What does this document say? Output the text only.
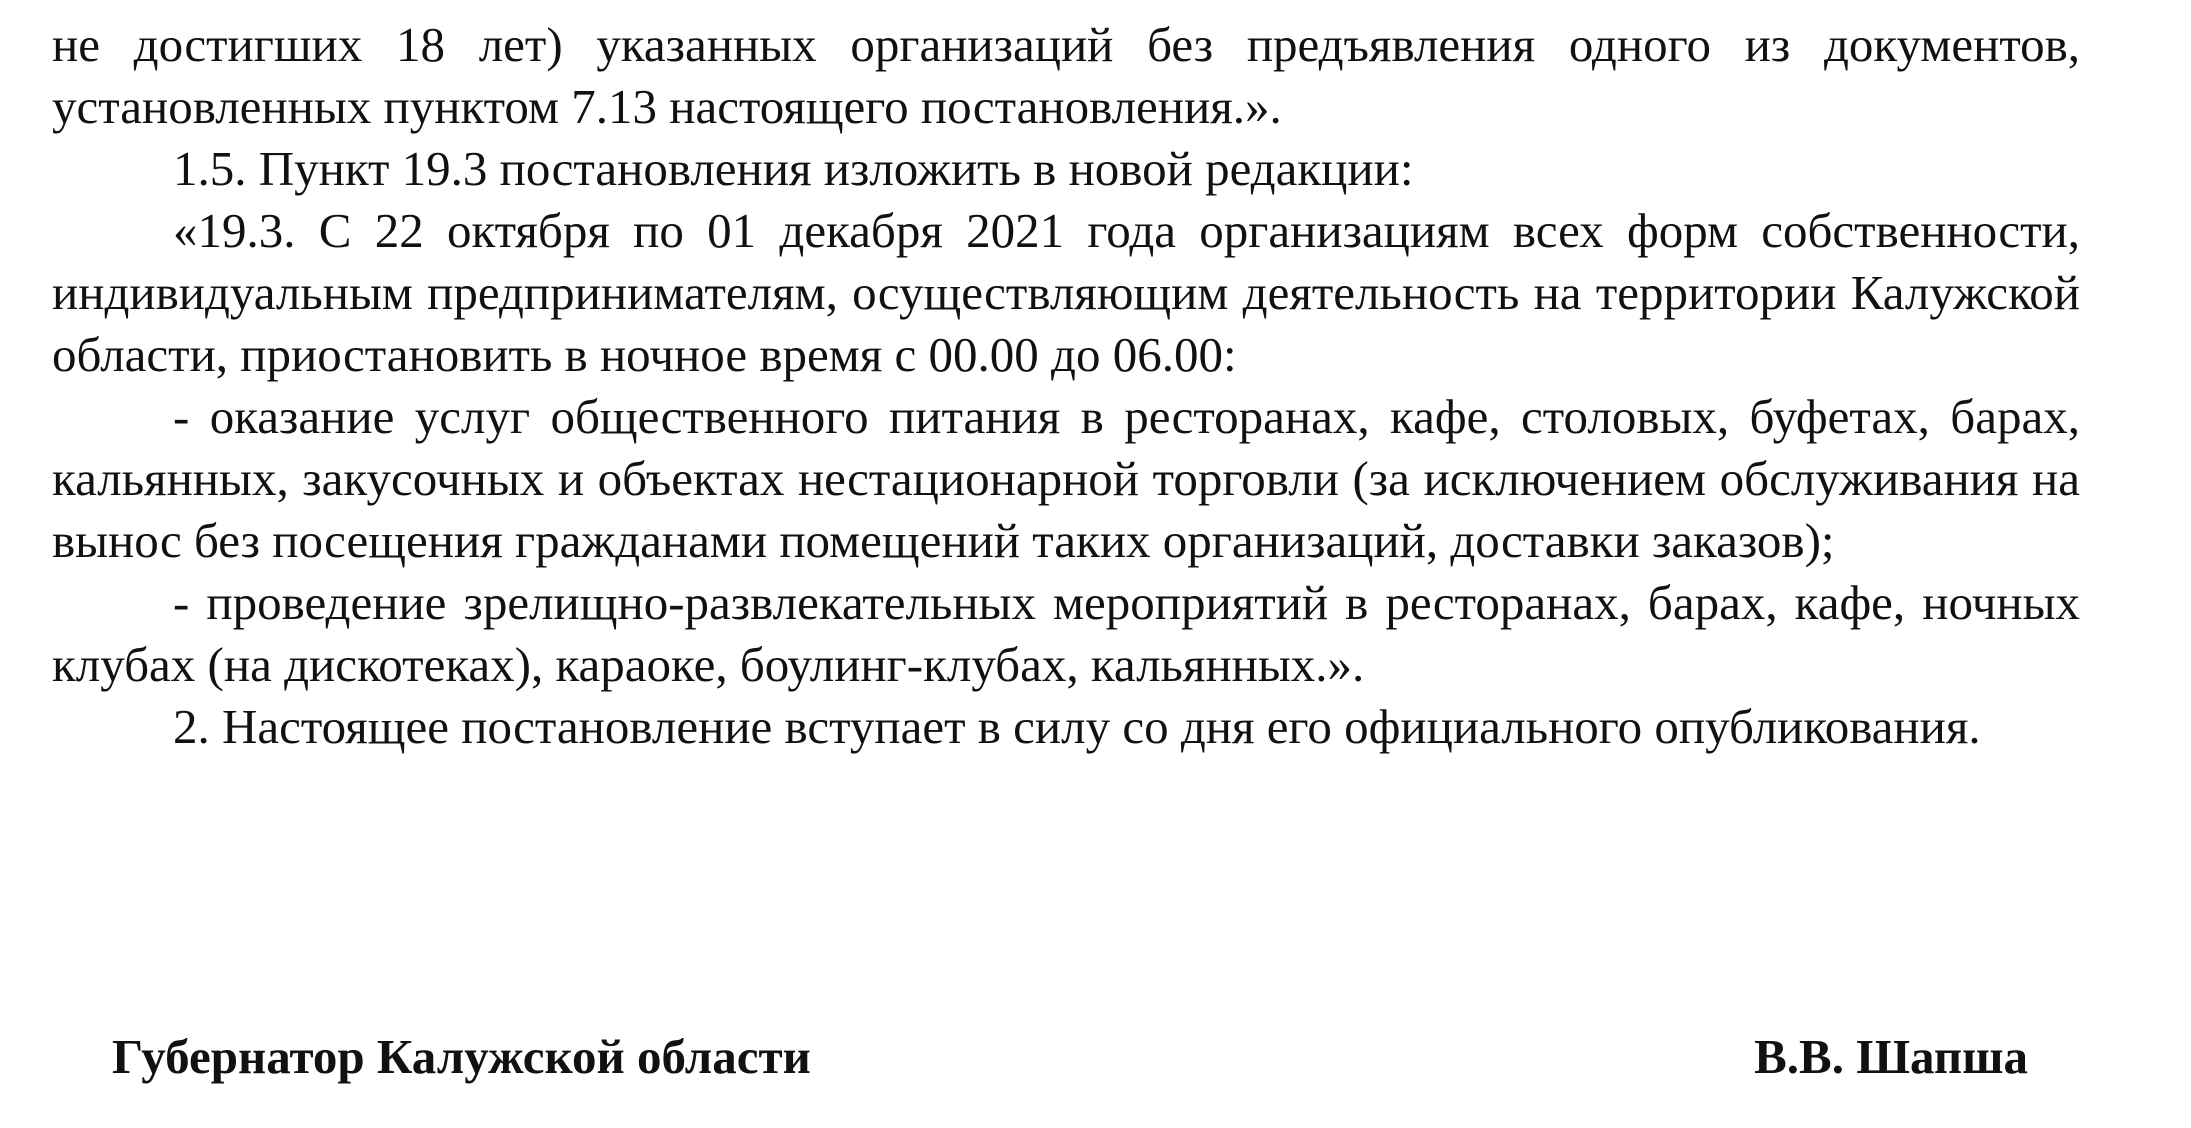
не достигших 18 лет) указанных организаций без предъявления одного из документов, установленных пунктом 7.13 настоящего постановления.».

1.5. Пункт 19.3 постановления изложить в новой редакции:

«19.3. С 22 октября по 01 декабря 2021 года организациям всех форм собственности, индивидуальным предпринимателям, осуществляющим деятельность на территории Калужской области, приостановить в ночное время с 00.00 до 06.00:

- оказание услуг общественного питания в ресторанах, кафе, столовых, буфетах, барах, кальянных, закусочных и объектах нестационарной торговли (за исключением обслуживания на вынос без посещения гражданами помещений таких организаций, доставки заказов);

- проведение зрелищно-развлекательных мероприятий в ресторанах, барах, кафе, ночных клубах (на дискотеках), караоке, боулинг-клубах, кальянных.».

2. Настоящее постановление вступает в силу со дня его официального опубликования.

Губернатор Калужской области	В.В. Шапша
